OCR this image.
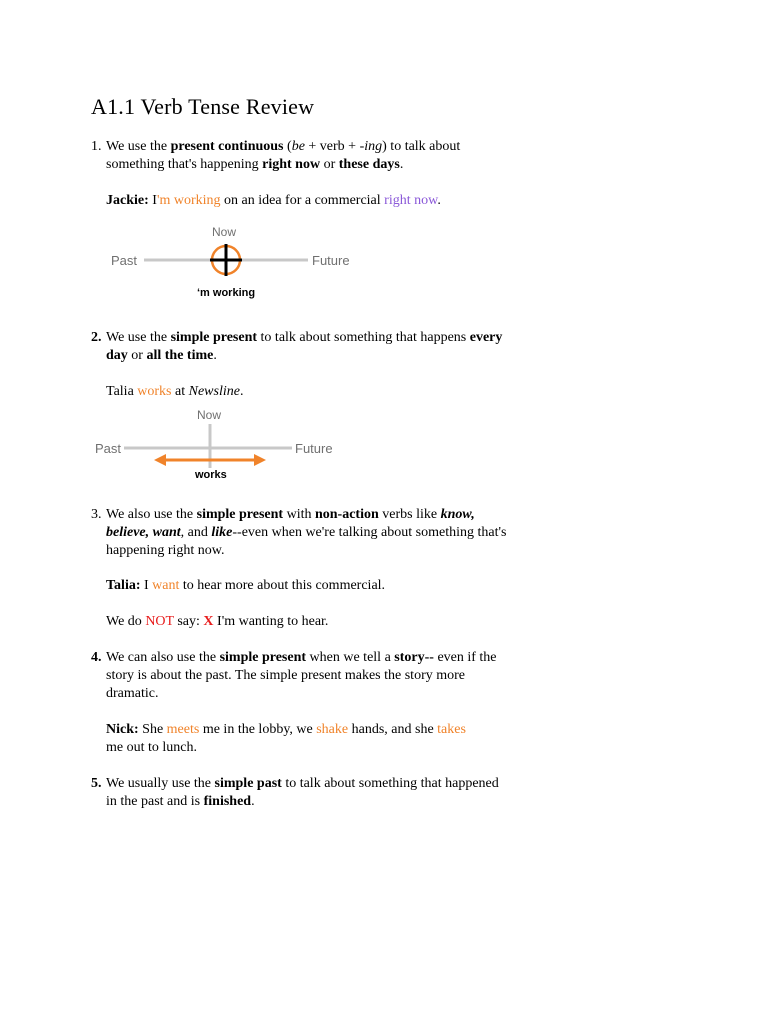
A1.1 Verb Tense Review
1. We use the present continuous (be + verb + -ing) to talk about something that's happening right now or these days.
Jackie: I'm working on an idea for a commercial right now.
Now
Past	Future
‘m working
2. We use the simple present to talk about something that happens every day or all the time.
Talia works at Newsline.
Now
Past	Future
works
3. We also use the simple present with non-action verbs like know, believe, want, and like--even when we're talking about something that's happening right now.
Talia: I want to hear more about this commercial.
We do NOT say: X I'm wanting to hear.
4. We can also use the simple present when we tell a story-- even if the story is about the past. The simple present makes the story more dramatic.
Nick: She meets me in the lobby, we shake hands, and she takes me out to lunch.
5. We usually use the simple past to talk about something that happened in the past and is finished.
